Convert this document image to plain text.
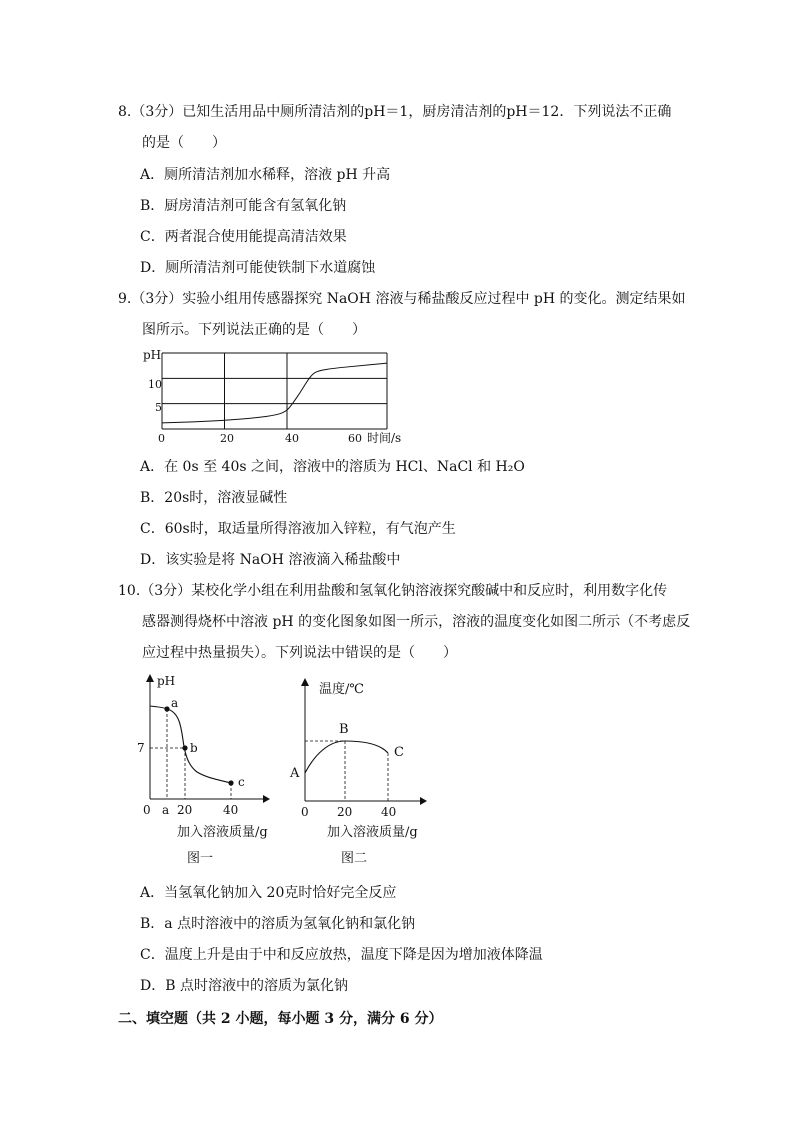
8.（3分）已知生活用品中厕所清洁剂的pH＝1，厨房清洁剂的pH＝12．下列说法不正确
的是（　　）
A．厕所清洁剂加水稀释，溶液 pH 升高
B．厨房清洁剂可能含有氢氧化钠
C．两者混合使用能提高清洁效果
D．厕所清洁剂可能使铁制下水道腐蚀
9.（3分）实验小组用传感器探究 NaOH 溶液与稀盐酸反应过程中 pH 的变化。测定结果如
图所示。下列说法正确的是（　　）
pH
10
5
0	20	40	60 时间/s
A．在 0s 至 40s 之间，溶液中的溶质为 HCl、NaCl 和 H₂O
B．20s时，溶液显碱性
C．60s时，取适量所得溶液加入锌粒，有气泡产生
D．该实验是将 NaOH 溶液滴入稀盐酸中
10.（3分）某校化学小组在利用盐酸和氢氧化钠溶液探究酸碱中和反应时，利用数字化传
感器测得烧杯中溶液 pH 的变化图象如图一所示，溶液的温度变化如图二所示（不考虑反
应过程中热量损失）。下列说法中错误的是（　　）
pH
7
a
b
c
0 a 20	40
加入溶液质量/g
图一
温度/℃
A
B
C
0 20 40
加入溶液质量/g
图二
A．当氢氧化钠加入 20克时恰好完全反应
B．a 点时溶液中的溶质为氢氧化钠和氯化钠
C．温度上升是由于中和反应放热，温度下降是因为增加液体降温
D．B 点时溶液中的溶质为氯化钠
二、填空题（共 2 小题，每小题 3 分，满分 6 分）
